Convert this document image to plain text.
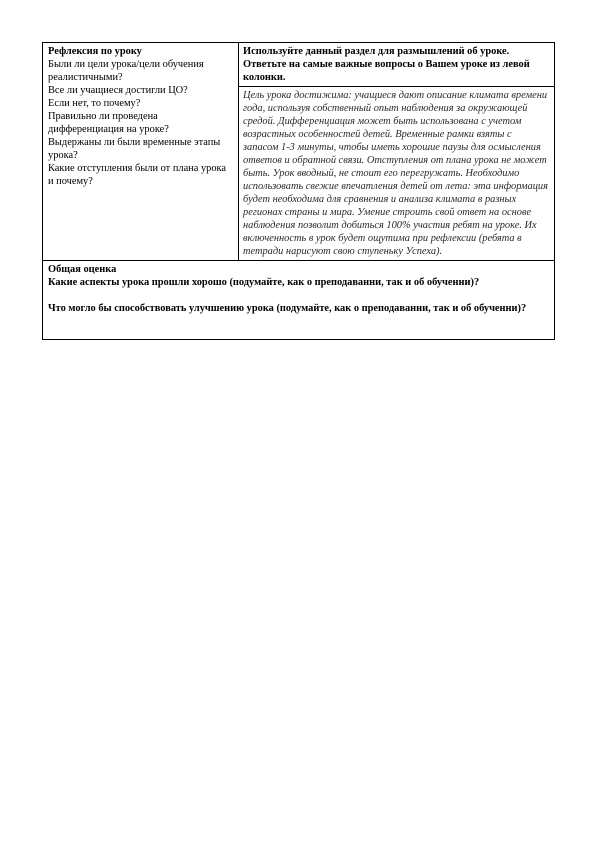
Рефлексия по уроку
Были ли цели урока/цели обучения реалистичными?
Все ли учащиеся достигли ЦО?
Если нет, то почему?
Правильно ли проведена дифференциация на уроке?
Выдержаны ли были временные этапы урока?
Какие отступления были от плана урока и почему?
Используйте данный раздел для размышлений об уроке. Ответьте на самые важные вопросы о Вашем уроке из левой колонки.
Цель урока достижима: учащиеся дают описание климата времени года, используя собственный опыт наблюдения за окружающей средой. Дифференциация может быть использована с учетом возрастных особенностей детей. Временные рамки взяты с запасом 1-3 минуты, чтобы иметь хорошие паузы для осмысления ответов и обратной связи. Отступления от плана урока не может быть. Урок вводный, не стоит его перегружать. Необходимо использовать свежие впечатления детей от лета: эта информация будет необходима для сравнения и анализа климата в разных регионах страны и мира. Умение строить свой ответ на основе наблюдения позволит добиться 100% участия ребят на уроке. Их включенность в урок будет ощутима при рефлексии (ребята в тетради нарисуют свою ступеньку Успеха).
Общая оценка
Какие аспекты урока прошли хорошо (подумайте, как о преподаванни, так и об обученни)?
Что могло бы способствовать улучшению урока (подумайте, как о преподаванни, так и об обученни)?
